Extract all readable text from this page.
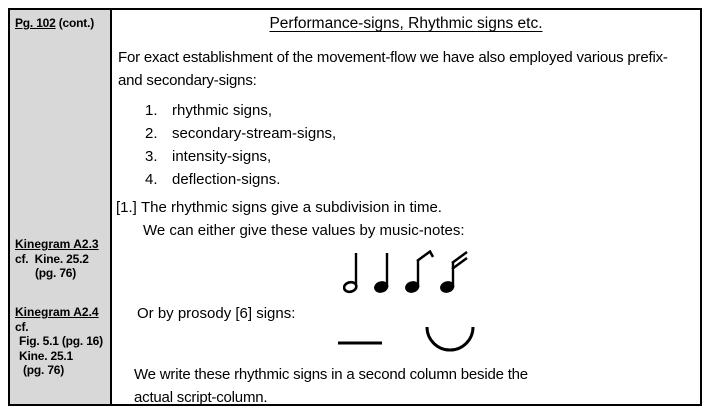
Pg. 102 (cont.)
Kinegram A2.3
cf.  Kine. 25.2
(pg. 76)
Kinegram A2.4
cf.
Fig. 5.1 (pg. 16)
Kine. 25.1
(pg. 76)
Performance-signs, Rhythmic signs etc.
For exact establishment of the movement-flow we have also employed various prefix- and secondary-signs:
1. rhythmic signs,
2. secondary-stream-signs,
3. intensity-signs,
4. deflection-signs.
[1.] The rhythmic signs give a subdivision in time.
We can either give these values by music-notes:
Or by prosody [6] signs:
We write these rhythmic signs in a second column beside the
actual script-column.
